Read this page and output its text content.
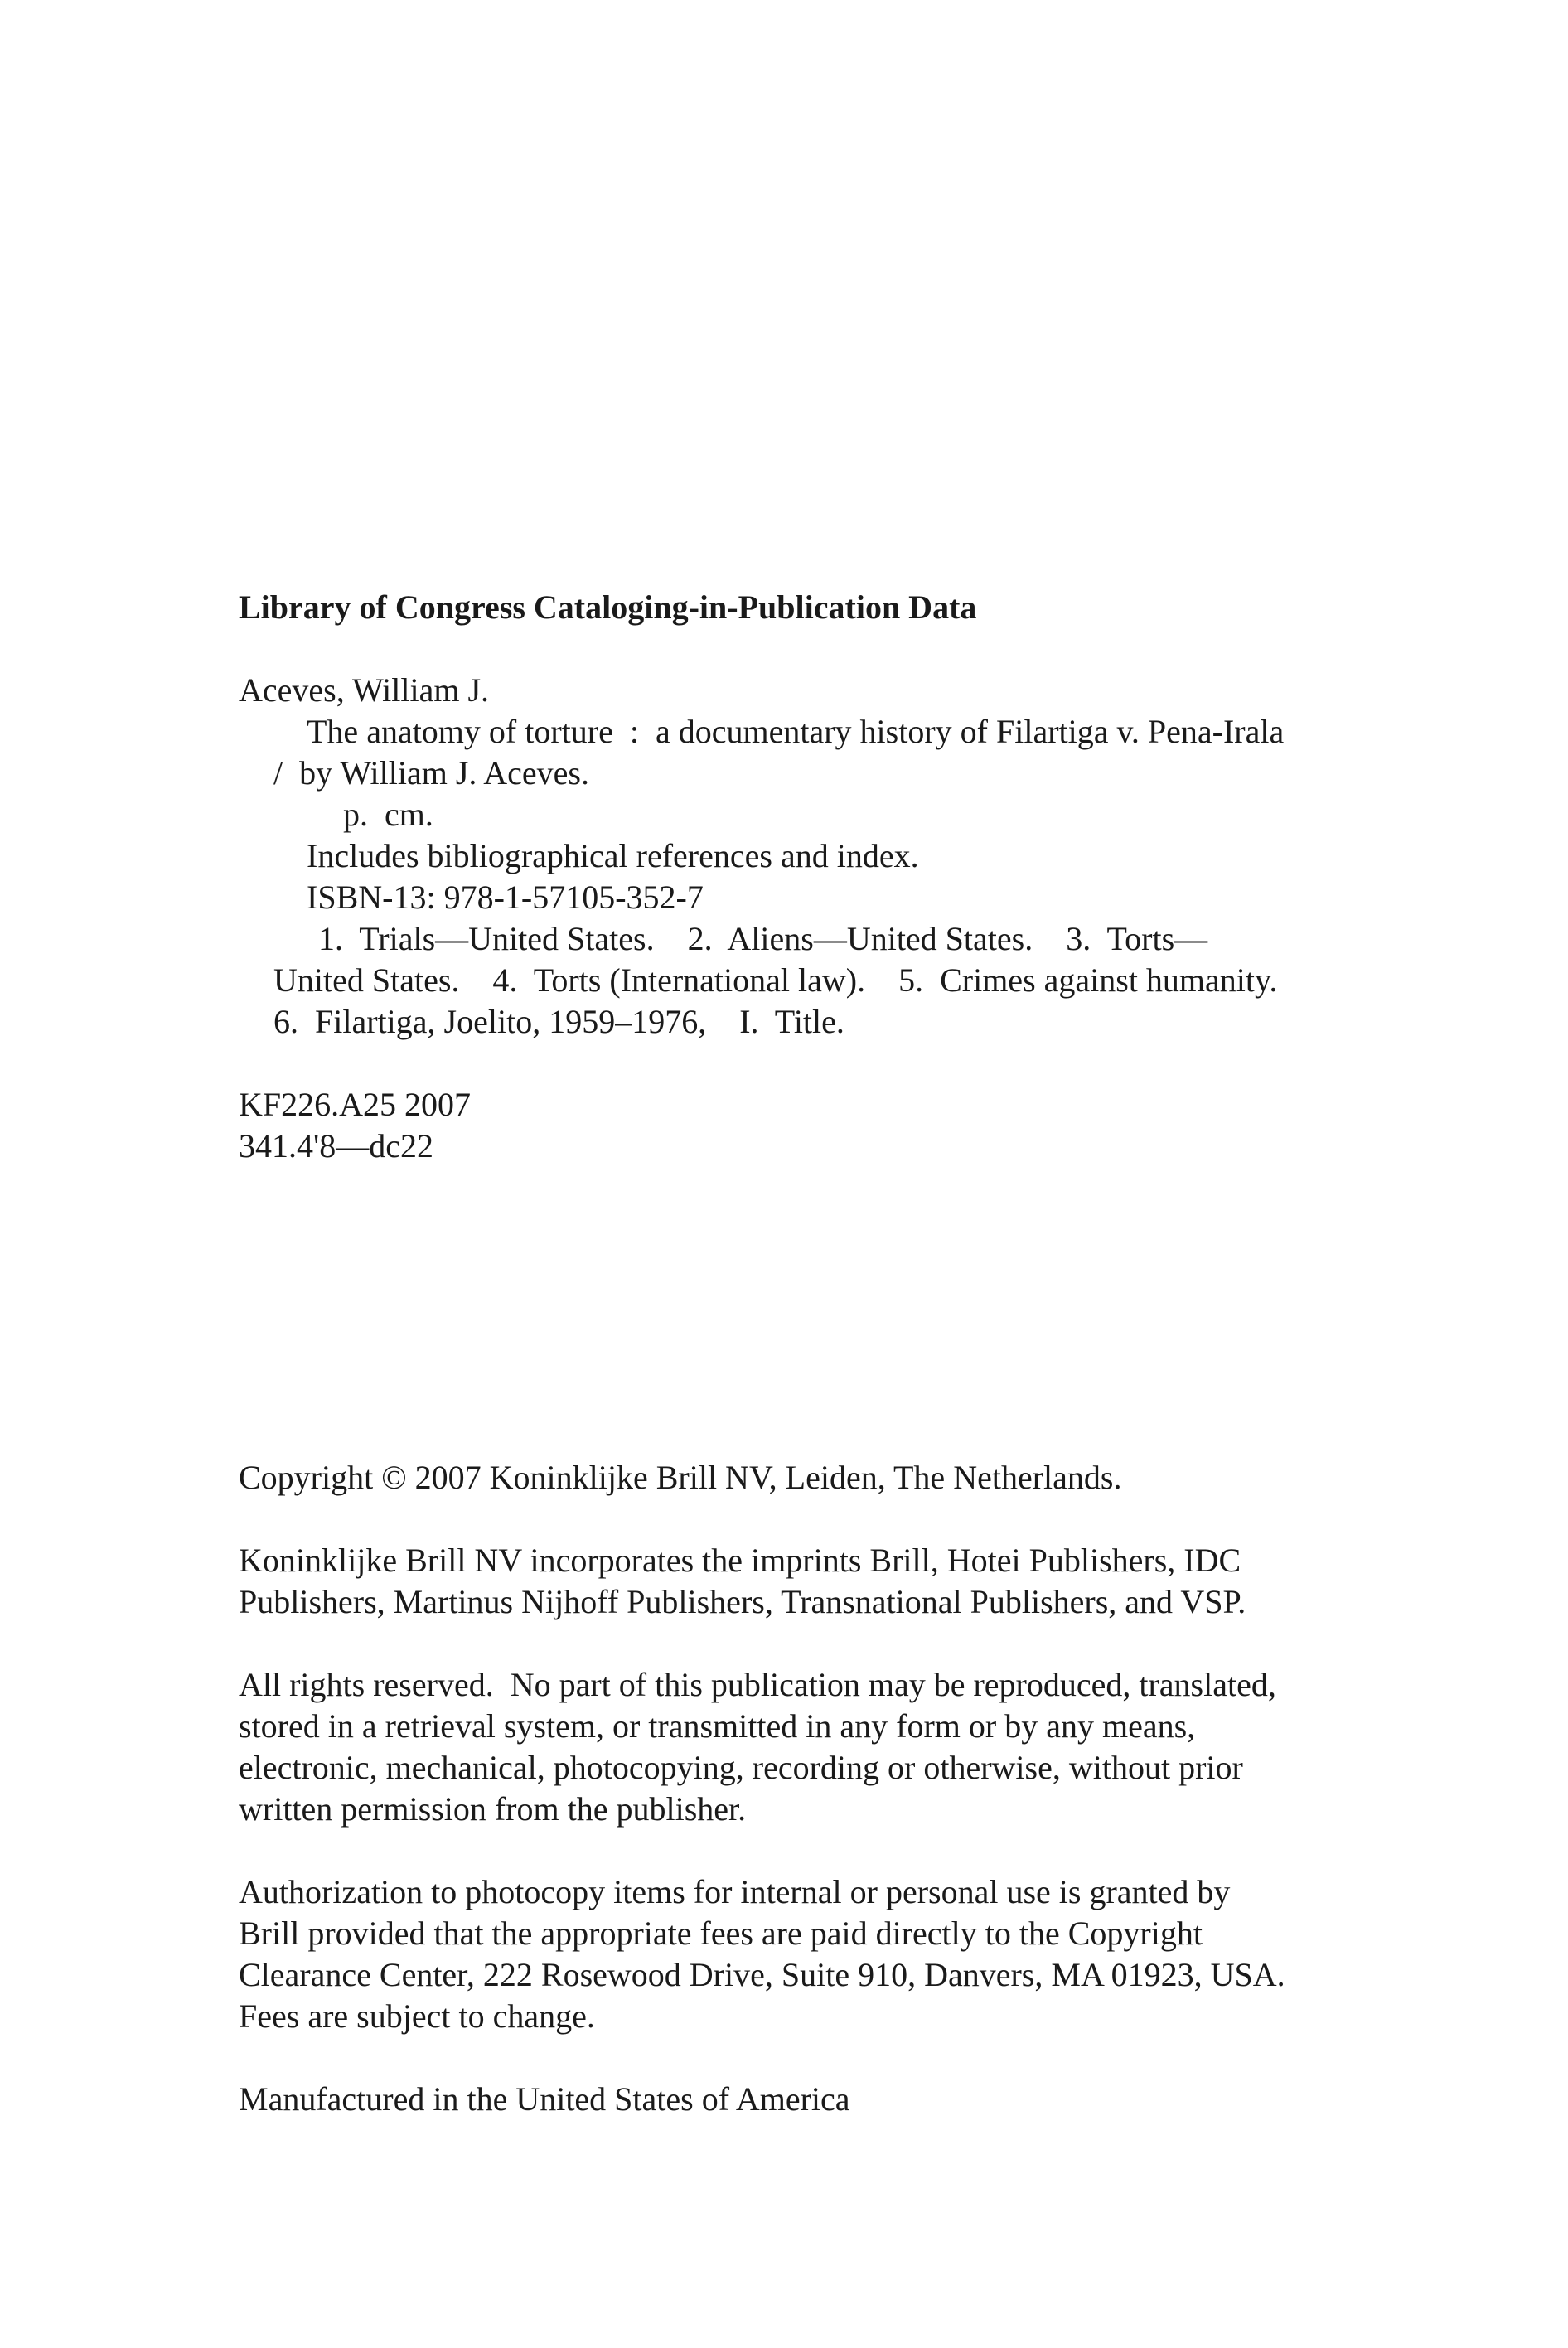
Library of Congress Cataloging-in-Publication Data
Aceves, William J.
The anatomy of torture  :  a documentary history of Filartiga v. Pena-Irala
/  by William J. Aceves.
p.  cm.
Includes bibliographical references and index.
ISBN-13: 978-1-57105-352-7
1.  Trials—United States.    2.  Aliens—United States.    3.  Torts—
United States.    4.  Torts (International law).    5.  Crimes against humanity.
6.  Filartiga, Joelito, 1959–1976,    I.  Title.
KF226.A25 2007
341.4'8—dc22
Copyright © 2007 Koninklijke Brill NV, Leiden, The Netherlands.
Koninklijke Brill NV incorporates the imprints Brill, Hotei Publishers, IDC
Publishers, Martinus Nijhoff Publishers, Transnational Publishers, and VSP.
All rights reserved.  No part of this publication may be reproduced, translated,
stored in a retrieval system, or transmitted in any form or by any means,
electronic, mechanical, photocopying, recording or otherwise, without prior
written permission from the publisher.
Authorization to photocopy items for internal or personal use is granted by
Brill provided that the appropriate fees are paid directly to the Copyright
Clearance Center, 222 Rosewood Drive, Suite 910, Danvers, MA 01923, USA.
Fees are subject to change.
Manufactured in the United States of America
